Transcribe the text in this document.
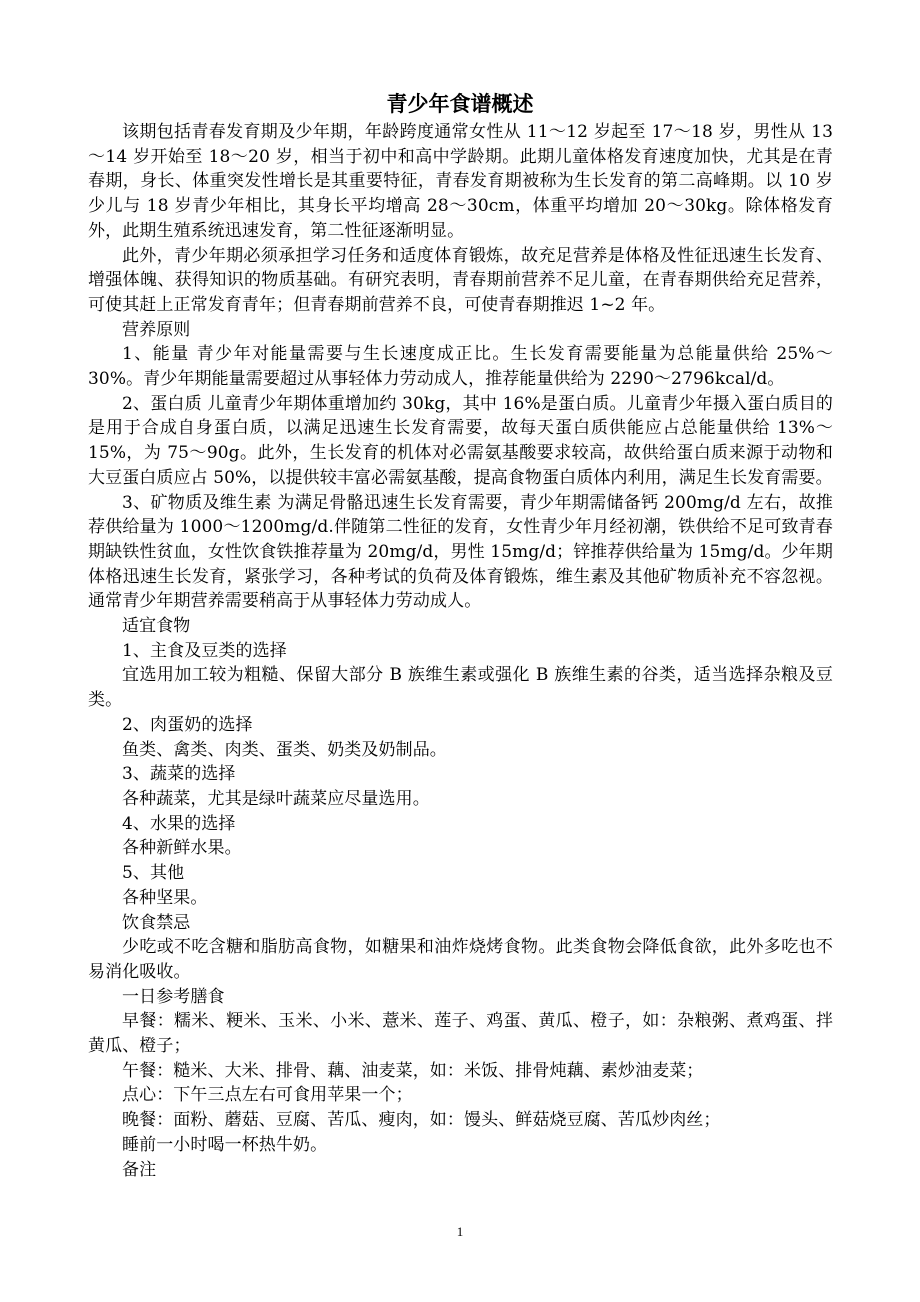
青少年食谱概述

该期包括青春发育期及少年期，年龄跨度通常女性从 11～12 岁起至 17～18 岁，男性从 13～14 岁开始至 18～20 岁，相当于初中和高中学龄期。此期儿童体格发育速度加快，尤其是在青春期，身长、体重突发性增长是其重要特征，青春发育期被称为生长发育的第二高峰期。以 10 岁少儿与 18 岁青少年相比，其身长平均增高 28～30cm，体重平均增加 20～30kg。除体格发育外，此期生殖系统迅速发育，第二性征逐渐明显。

此外，青少年期必须承担学习任务和适度体育锻炼，故充足营养是体格及性征迅速生长发育、增强体魄、获得知识的物质基础。有研究表明，青春期前营养不足儿童，在青春期供给充足营养，可使其赶上正常发育青年；但青春期前营养不良，可使青春期推迟 1~2 年。

营养原则

1、能量 青少年对能量需要与生长速度成正比。生长发育需要能量为总能量供给 25%～30%。青少年期能量需要超过从事轻体力劳动成人，推荐能量供给为 2290～2796kcal/d。

2、蛋白质 儿童青少年期体重增加约 30kg，其中 16%是蛋白质。儿童青少年摄入蛋白质目的是用于合成自身蛋白质，以满足迅速生长发育需要，故每天蛋白质供能应占总能量供给 13%～15%，为 75～90g。此外，生长发育的机体对必需氨基酸要求较高，故供给蛋白质来源于动物和大豆蛋白质应占 50%，以提供较丰富必需氨基酸，提高食物蛋白质体内利用，满足生长发育需要。

3、矿物质及维生素 为满足骨骼迅速生长发育需要，青少年期需储备钙 200mg/d 左右，故推荐供给量为 1000～1200mg/d.伴随第二性征的发育，女性青少年月经初潮，铁供给不足可致青春期缺铁性贫血，女性饮食铁推荐量为 20mg/d，男性 15mg/d；锌推荐供给量为 15mg/d。少年期体格迅速生长发育，紧张学习，各种考试的负荷及体育锻炼，维生素及其他矿物质补充不容忽视。通常青少年期营养需要稍高于从事轻体力劳动成人。

适宜食物

1、主食及豆类的选择

宜选用加工较为粗糙、保留大部分 B 族维生素或强化 B 族维生素的谷类，适当选择杂粮及豆类。

2、肉蛋奶的选择

鱼类、禽类、肉类、蛋类、奶类及奶制品。

3、蔬菜的选择

各种蔬菜，尤其是绿叶蔬菜应尽量选用。

4、水果的选择

各种新鲜水果。

5、其他

各种坚果。

饮食禁忌

少吃或不吃含糖和脂肪高食物，如糖果和油炸烧烤食物。此类食物会降低食欲，此外多吃也不易消化吸收。

一日参考膳食

早餐：糯米、粳米、玉米、小米、薏米、莲子、鸡蛋、黄瓜、橙子，如：杂粮粥、煮鸡蛋、拌黄瓜、橙子；

午餐：糙米、大米、排骨、藕、油麦菜，如：米饭、排骨炖藕、素炒油麦菜；

点心：下午三点左右可食用苹果一个；

晚餐：面粉、蘑菇、豆腐、苦瓜、瘦肉，如：馒头、鲜菇烧豆腐、苦瓜炒肉丝；

睡前一小时喝一杯热牛奶。

备注

1
